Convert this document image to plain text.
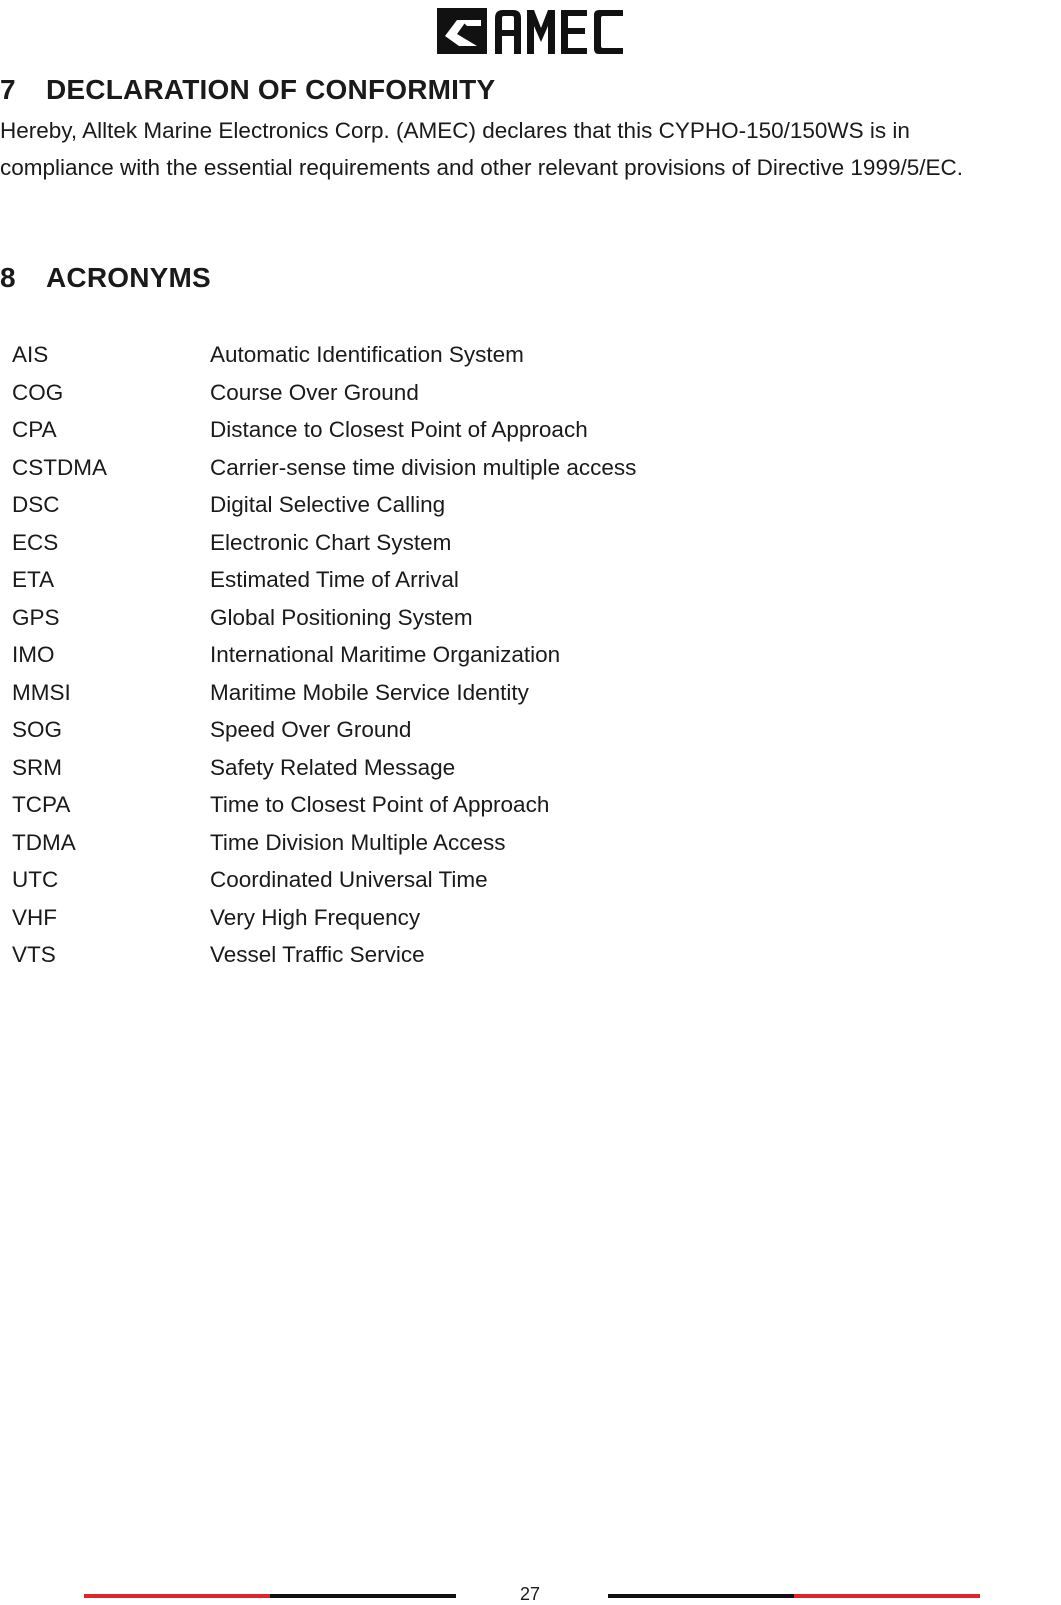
7 DECLARATION OF CONFORMITY
Hereby, Alltek Marine Electronics Corp. (AMEC) declares that this CYPHO-150/150WS is in
compliance with the essential requirements and other relevant provisions of Directive 1999/5/EC.
8 ACRONYMS
AIS	Automatic Identification System
COG	Course Over Ground
CPA	Distance to Closest Point of Approach
CSTDMA	Carrier-sense time division multiple access
DSC	Digital Selective Calling
ECS	Electronic Chart System
ETA	Estimated Time of Arrival
GPS	Global Positioning System
IMO	International Maritime Organization
MMSI	Maritime Mobile Service Identity
SOG	Speed Over Ground
SRM	Safety Related Message
TCPA	Time to Closest Point of Approach
TDMA	Time Division Multiple Access
UTC	Coordinated Universal Time
VHF	Very High Frequency
VTS	Vessel Traffic Service
27
